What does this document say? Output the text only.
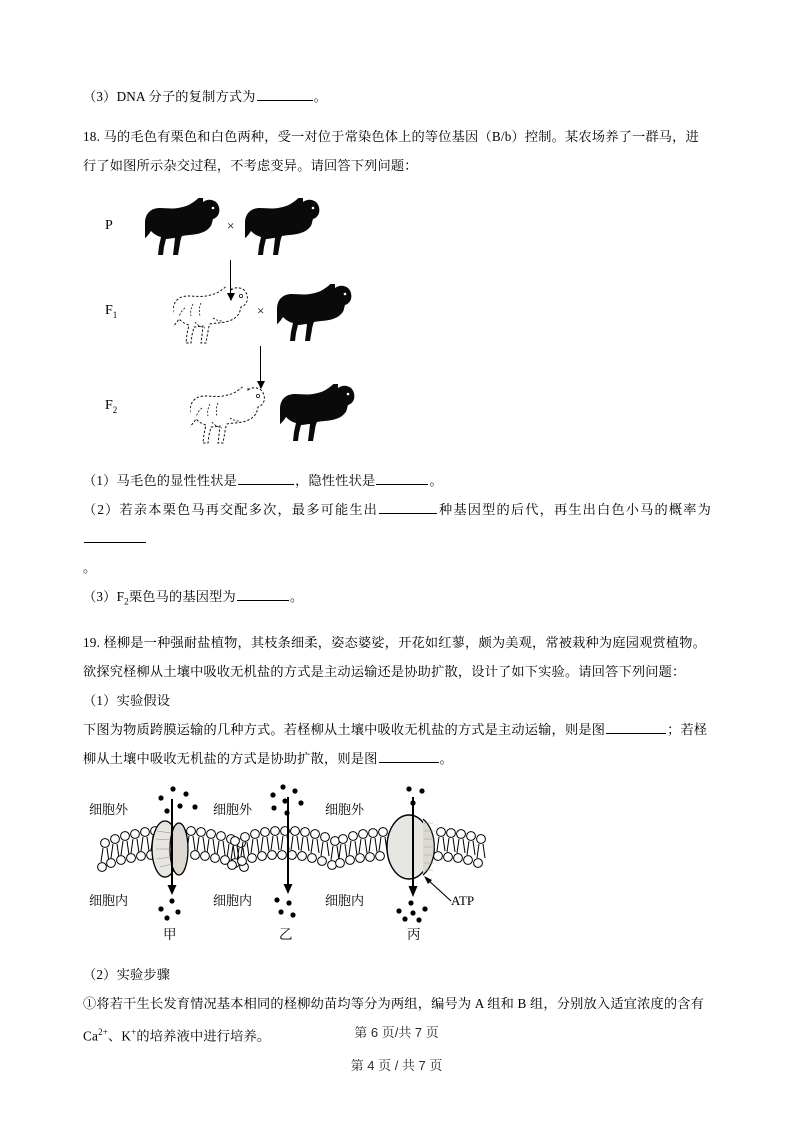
（3）DNA 分子的复制方式为	。

18. 马的毛色有栗色和白色两种，受一对位于常染色体上的等位基因（B/b）控制。某农场养了一群马，进

行了如图所示杂交过程，不考虑变异。请回答下列问题：

P	×
$F_1$	×
$F_2$

（1）马毛色的显性性状是	，隐性性状是	。

（2）若亲本栗色马再交配多次，最多可能生出	种基因型的后代，再生出白色小马的概率为

。

$(3)F_2$栗色马的基因型为	。

19. 柽柳是一种强耐盐植物，其枝条细柔，姿态婆娑，开花如红蓼，颇为美观，常被栽种为庭园观赏植物。

欲探究柽柳从土壤中吸收无机盐的方式是主动运输还是协助扩散，设计了如下实验。请回答下列问题：

（1）实验假设

下图为物质跨膜运输的几种方式。若柽柳从土壤中吸收无机盐的方式是主动运输，则是图	；若柽

柳从土壤中吸收无机盐的方式是协助扩散，则是图	。

细胞外
细胞内
甲
细胞外
细胞内
乙
细胞外
细胞内	ATP
丙

（2）实验步骤

①将若干生长发育情况基本相同的柽柳幼苗均等分为两组，编号为 A 组和 B 组，分别放入适宜浓度的含有

$Ca^{2+}$、K+的培养液中进行培养。	第 6 页/共 7 页
第 4 页 / 共 7 页
